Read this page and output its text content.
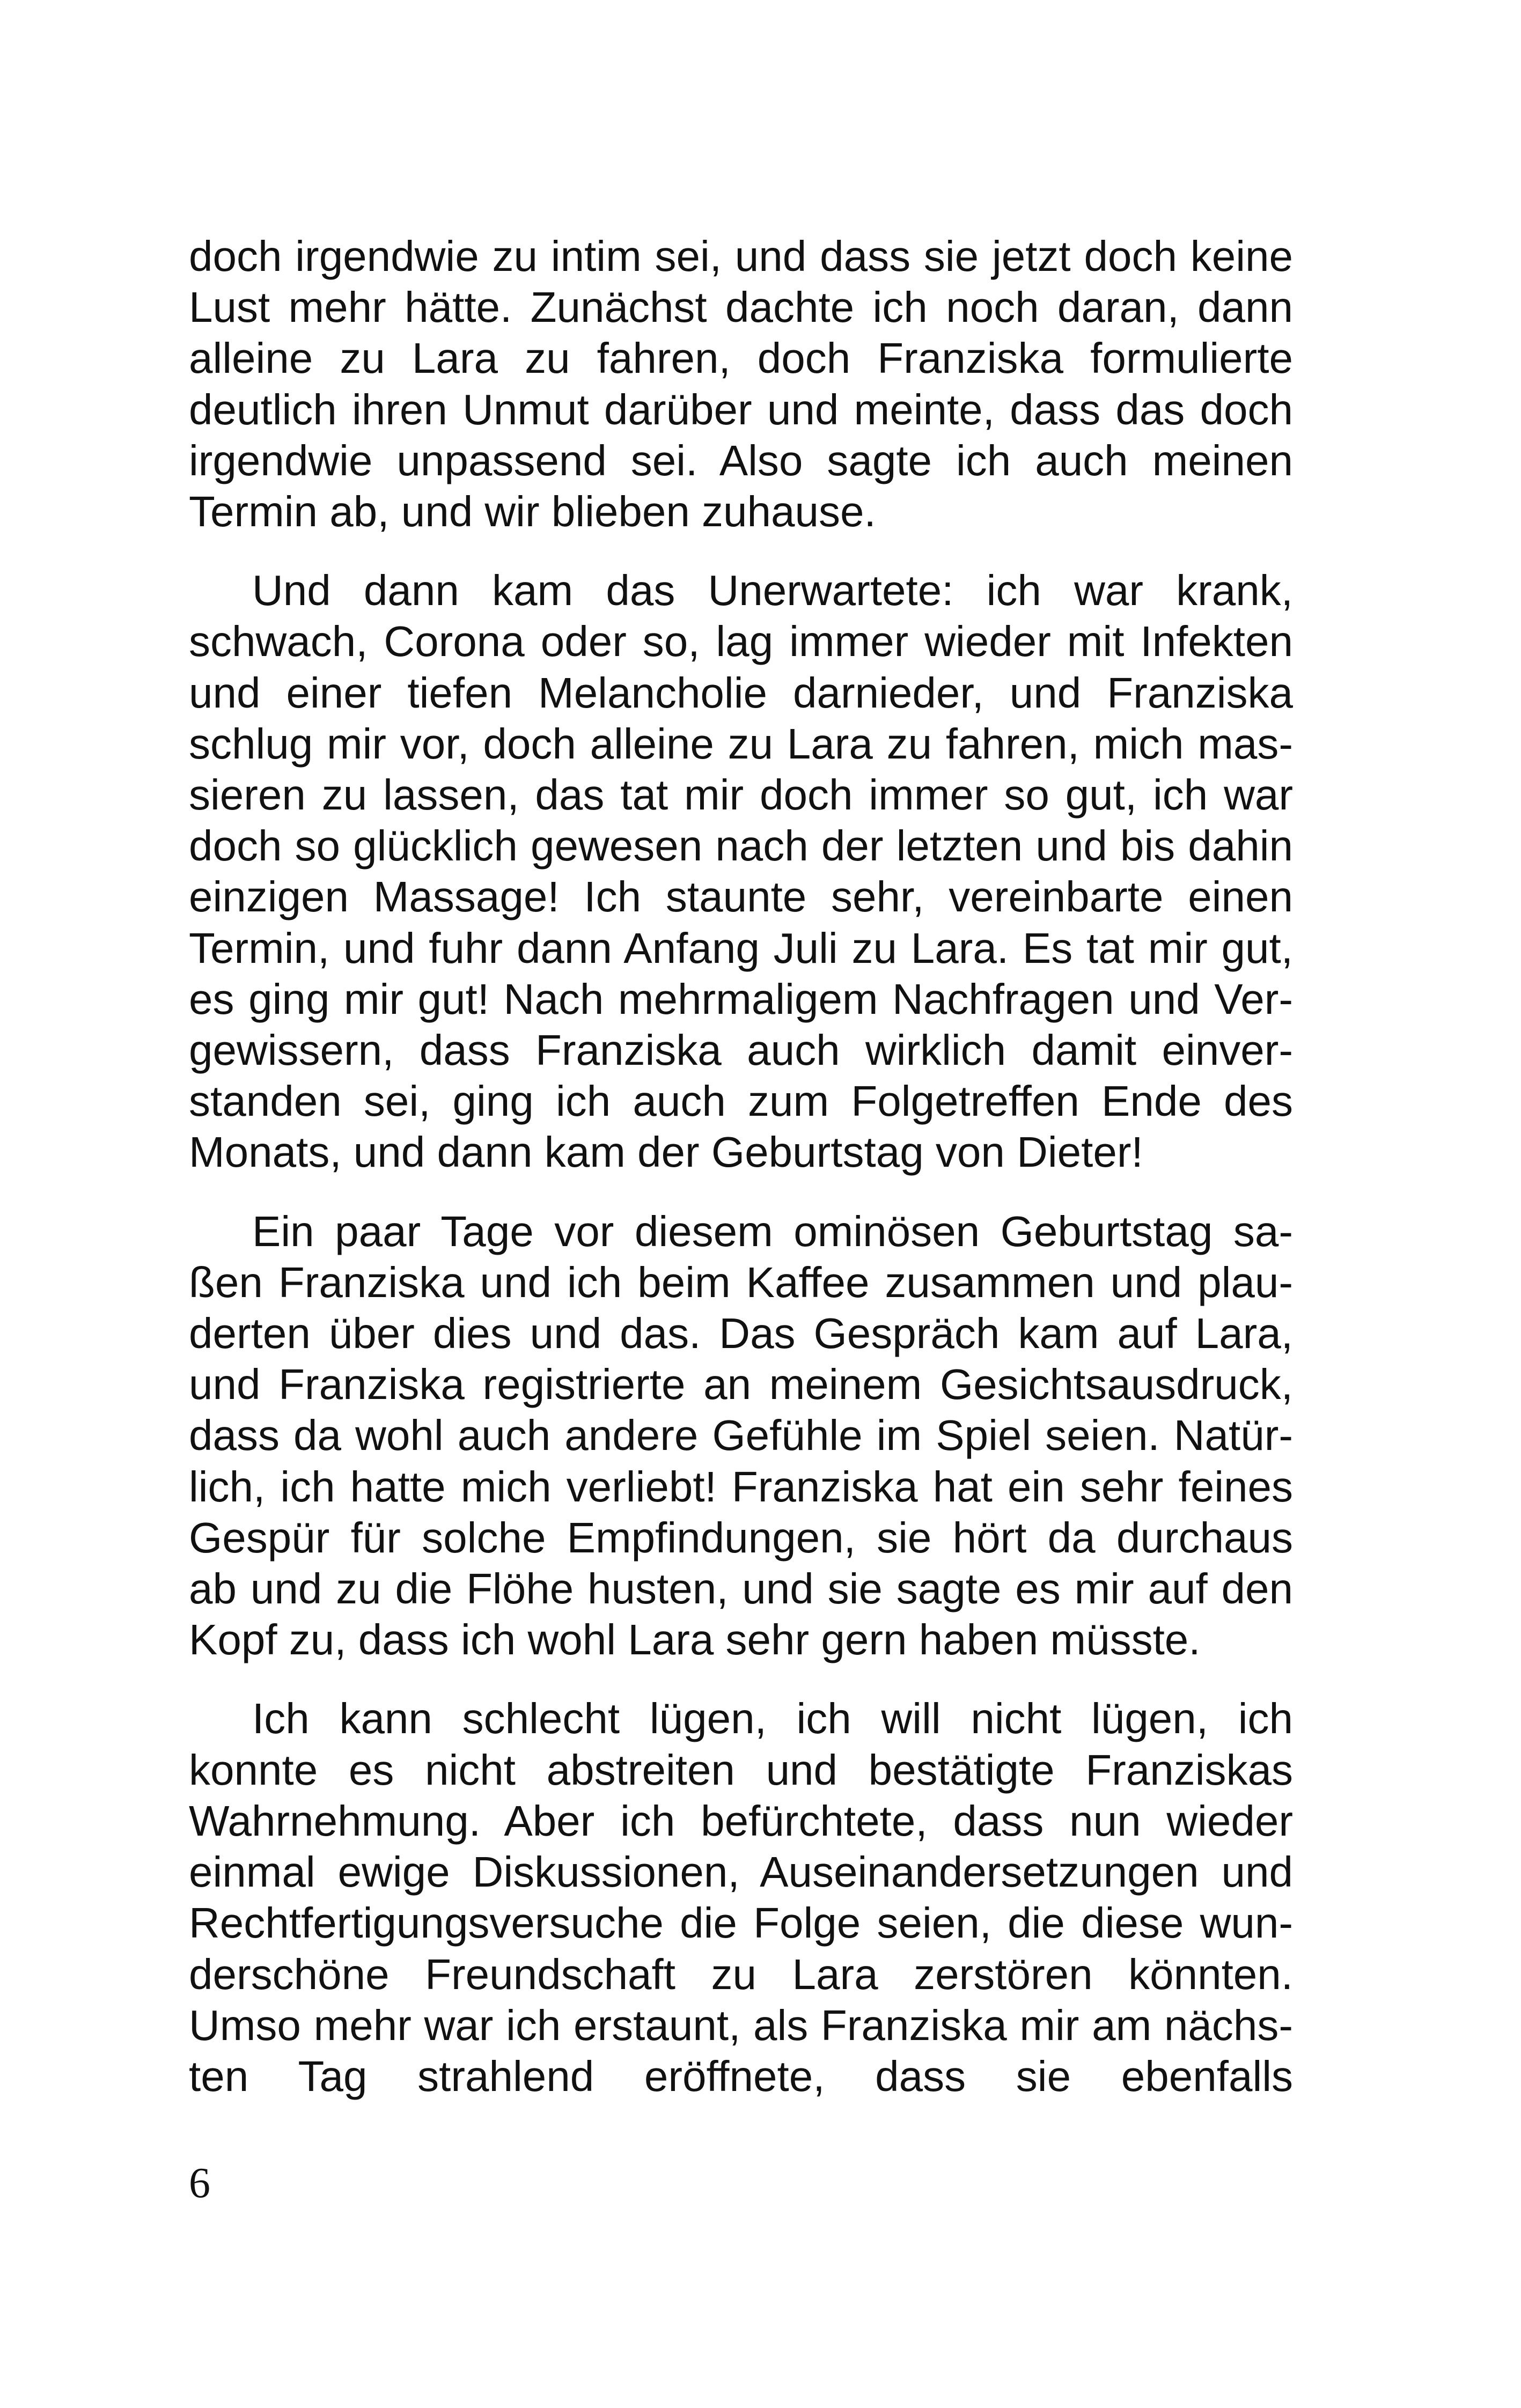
doch irgendwie zu intim sei, und dass sie jetzt doch keine
Lust mehr hätte. Zunächst dachte ich noch daran, dann
alleine zu Lara zu fahren, doch Franziska formulierte
deutlich ihren Unmut darüber und meinte, dass das doch
irgendwie unpassend sei. Also sagte ich auch meinen
Termin ab, und wir blieben zuhause.
Und dann kam das Unerwartete: ich war krank,
schwach, Corona oder so, lag immer wieder mit Infekten
und einer tiefen Melancholie darnieder, und Franziska
schlug mir vor, doch alleine zu Lara zu fahren, mich mas-
sieren zu lassen, das tat mir doch immer so gut, ich war
doch so glücklich gewesen nach der letzten und bis dahin
einzigen Massage! Ich staunte sehr, vereinbarte einen
Termin, und fuhr dann Anfang Juli zu Lara. Es tat mir gut,
es ging mir gut! Nach mehrmaligem Nachfragen und Ver-
gewissern, dass Franziska auch wirklich damit einver-
standen sei, ging ich auch zum Folgetreffen Ende des
Monats, und dann kam der Geburtstag von Dieter!
Ein paar Tage vor diesem ominösen Geburtstag sa-
ßen Franziska und ich beim Kaffee zusammen und plau-
derten über dies und das. Das Gespräch kam auf Lara,
und Franziska registrierte an meinem Gesichtsausdruck,
dass da wohl auch andere Gefühle im Spiel seien. Natür-
lich, ich hatte mich verliebt! Franziska hat ein sehr feines
Gespür für solche Empfindungen, sie hört da durchaus
ab und zu die Flöhe husten, und sie sagte es mir auf den
Kopf zu, dass ich wohl Lara sehr gern haben müsste.
Ich kann schlecht lügen, ich will nicht lügen, ich
konnte es nicht abstreiten und bestätigte Franziskas
Wahrnehmung. Aber ich befürchtete, dass nun wieder
einmal ewige Diskussionen, Auseinandersetzungen und
Rechtfertigungsversuche die Folge seien, die diese wun-
derschöne Freundschaft zu Lara zerstören könnten.
Umso mehr war ich erstaunt, als Franziska mir am nächs-
ten Tag strahlend eröffnete, dass sie ebenfalls
6
